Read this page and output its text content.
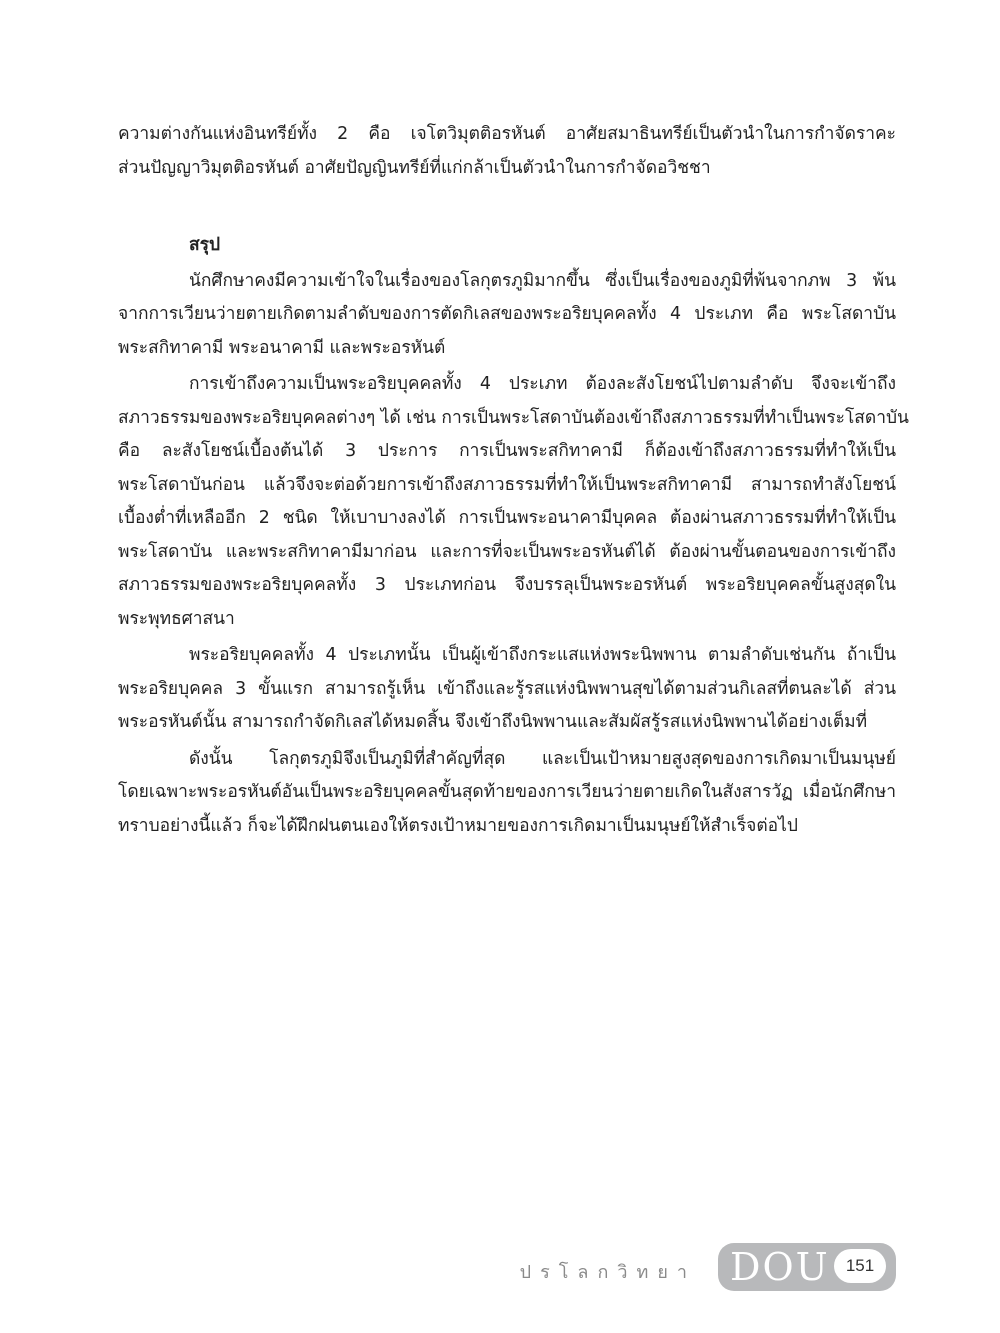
ความต่างกันแห่งอินทรีย์ทั้ง 2 คือ เจโตวิมุตติอรหันต์ อาศัยสมาธินทรีย์เป็นตัวนำในการกำจัดราคะ
ส่วนปัญญาวิมุตติอรหันต์ อาศัยปัญญินทรีย์ที่แก่กล้าเป็นตัวนำในการกำจัดอวิชชา
สรุป
นักศึกษาคงมีความเข้าใจในเรื่องของโลกุตรภูมิมากขึ้น ซึ่งเป็นเรื่องของภูมิที่พ้นจากภพ 3 พ้น
จากการเวียนว่ายตายเกิดตามลำดับของการตัดกิเลสของพระอริยบุคคลทั้ง 4 ประเภท คือ พระโสดาบัน
พระสกิทาคามี พระอนาคามี และพระอรหันต์
การเข้าถึงความเป็นพระอริยบุคคลทั้ง 4 ประเภท ต้องละสังโยชน์ไปตามลำดับ จึงจะเข้าถึง
สภาวธรรมของพระอริยบุคคลต่างๆ ได้ เช่น การเป็นพระโสดาบันต้องเข้าถึงสภาวธรรมที่ทำเป็นพระโสดาบัน
คือ ละสังโยชน์เบื้องต้นได้ 3 ประการ การเป็นพระสกิทาคามี ก็ต้องเข้าถึงสภาวธรรมที่ทำให้เป็น
พระโสดาบันก่อน แล้วจึงจะต่อด้วยการเข้าถึงสภาวธรรมที่ทำให้เป็นพระสกิทาคามี สามารถทำสังโยชน์
เบื้องต่ำที่เหลืออีก 2 ชนิด ให้เบาบางลงได้ การเป็นพระอนาคามีบุคคล ต้องผ่านสภาวธรรมที่ทำให้เป็น
พระโสดาบัน และพระสกิทาคามีมาก่อน และการที่จะเป็นพระอรหันต์ได้ ต้องผ่านขั้นตอนของการเข้าถึง
สภาวธรรมของพระอริยบุคคลทั้ง 3 ประเภทก่อน จึงบรรลุเป็นพระอรหันต์ พระอริยบุคคลขั้นสูงสุดใน
พระพุทธศาสนา
พระอริยบุคคลทั้ง 4 ประเภทนั้น เป็นผู้เข้าถึงกระแสแห่งพระนิพพาน ตามลำดับเช่นกัน ถ้าเป็น
พระอริยบุคคล 3 ขั้นแรก สามารถรู้เห็น เข้าถึงและรู้รสแห่งนิพพานสุขได้ตามส่วนกิเลสที่ตนละได้ ส่วน
พระอรหันต์นั้น สามารถกำจัดกิเลสได้หมดสิ้น จึงเข้าถึงนิพพานและสัมผัสรู้รสแห่งนิพพานได้อย่างเต็มที่
ดังนั้น โลกุตรภูมิจึงเป็นภูมิที่สำคัญที่สุด และเป็นเป้าหมายสูงสุดของการเกิดมาเป็นมนุษย์
โดยเฉพาะพระอรหันต์อันเป็นพระอริยบุคคลขั้นสุดท้ายของการเวียนว่ายตายเกิดในสังสารวัฏ เมื่อนักศึกษา
ทราบอย่างนี้แล้ว ก็จะได้ฝึกฝนตนเองให้ตรงเป้าหมายของการเกิดมาเป็นมนุษย์ให้สำเร็จต่อไป
ปรโลกวิทยา DOU 151
